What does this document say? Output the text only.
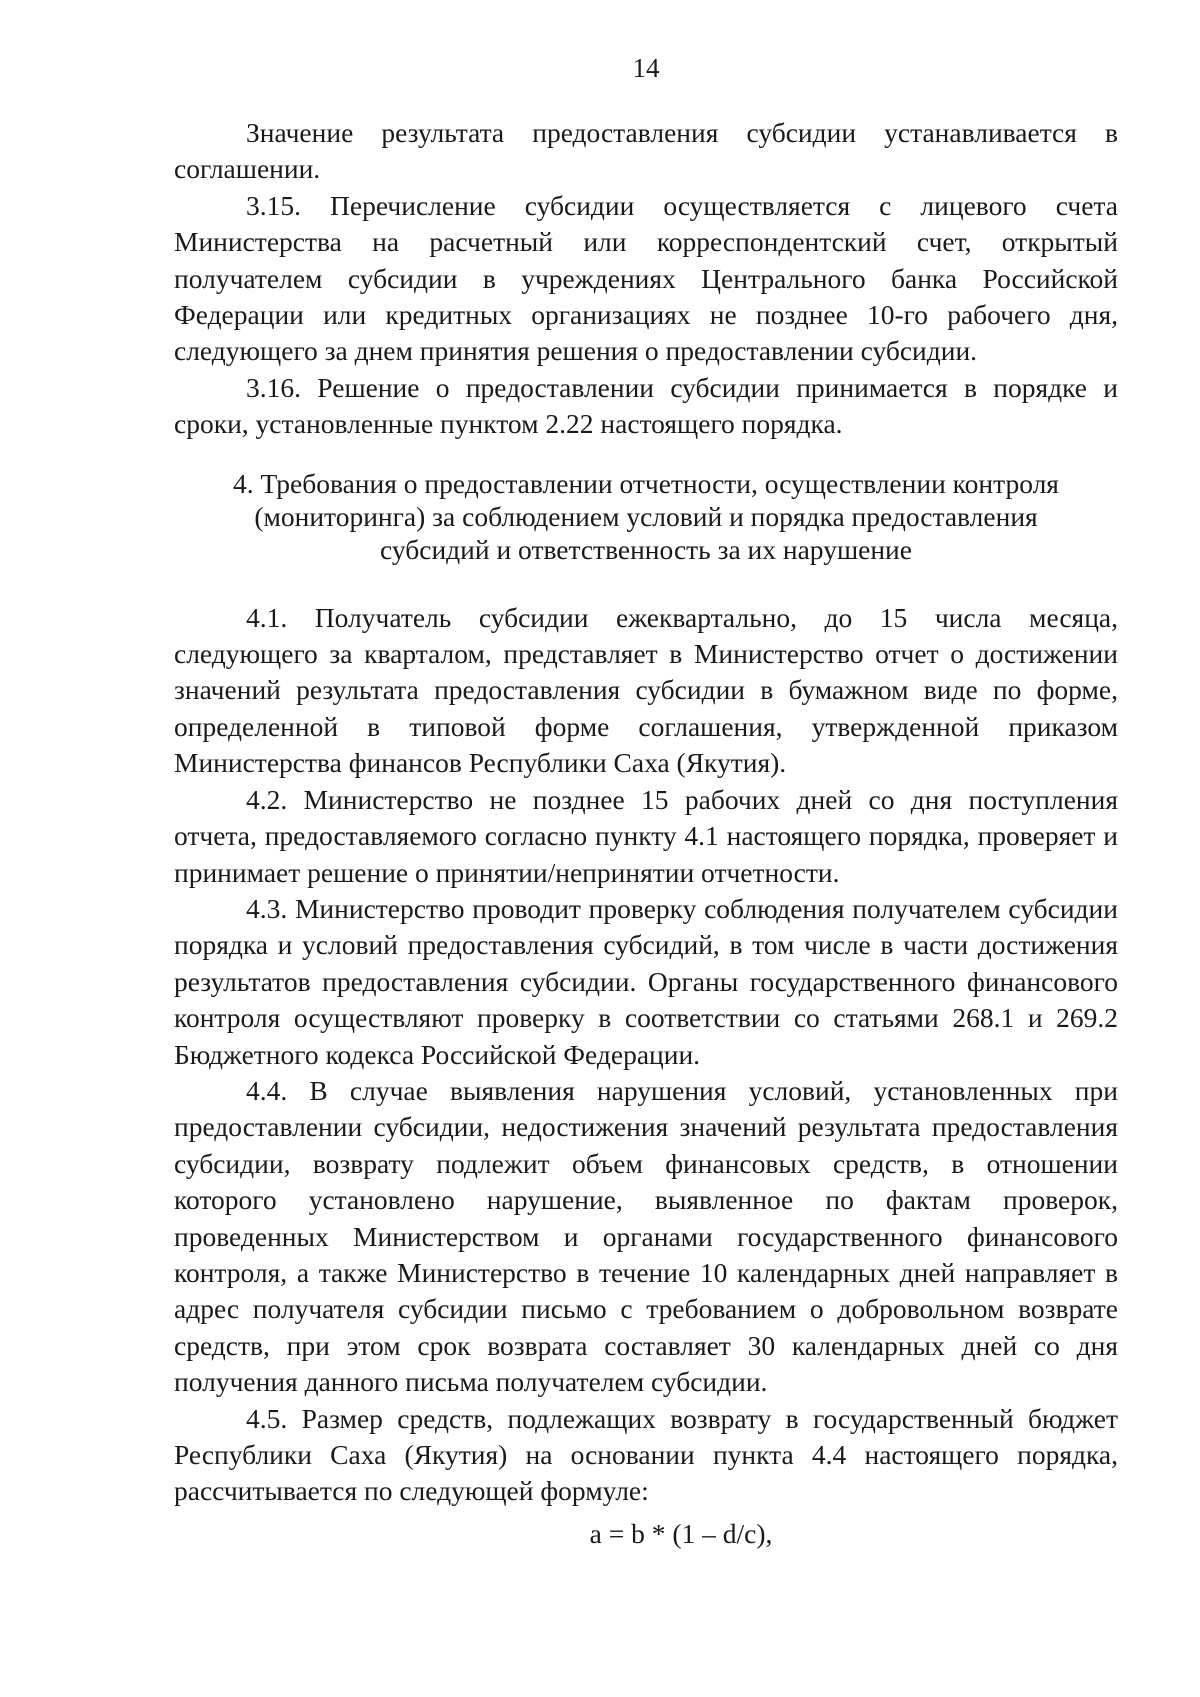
14

Значение результата предоставления субсидии устанавливается в соглашении.

3.15. Перечисление субсидии осуществляется с лицевого счета Министерства на расчетный или корреспондентский счет, открытый получателем субсидии в учреждениях Центрального банка Российской Федерации или кредитных организациях не позднее 10-го рабочего дня, следующего за днем принятия решения о предоставлении субсидии.

3.16. Решение о предоставлении субсидии принимается в порядке и сроки, установленные пунктом 2.22 настоящего порядка.

4. Требования о предоставлении отчетности, осуществлении контроля (мониторинга) за соблюдением условий и порядка предоставления субсидий и ответственность за их нарушение

4.1. Получатель субсидии ежеквартально, до 15 числа месяца, следующего за кварталом, представляет в Министерство отчет о достижении значений результата предоставления субсидии в бумажном виде по форме, определенной в типовой форме соглашения, утвержденной приказом Министерства финансов Республики Саха (Якутия).

4.2. Министерство не позднее 15 рабочих дней со дня поступления отчета, предоставляемого согласно пункту 4.1 настоящего порядка, проверяет и принимает решение о принятии/непринятии отчетности.

4.3. Министерство проводит проверку соблюдения получателем субсидии порядка и условий предоставления субсидий, в том числе в части достижения результатов предоставления субсидии. Органы государственного финансового контроля осуществляют проверку в соответствии со статьями 268.1 и 269.2 Бюджетного кодекса Российской Федерации.

4.4. В случае выявления нарушения условий, установленных при предоставлении субсидии, недостижения значений результата предоставления субсидии, возврату подлежит объем финансовых средств, в отношении которого установлено нарушение, выявленное по фактам проверок, проведенных Министерством и органами государственного финансового контроля, а также Министерство в течение 10 календарных дней направляет в адрес получателя субсидии письмо с требованием о добровольном возврате средств, при этом срок возврата составляет 30 календарных дней со дня получения данного письма получателем субсидии.

4.5. Размер средств, подлежащих возврату в государственный бюджет Республики Саха (Якутия) на основании пункта 4.4 настоящего порядка, рассчитывается по следующей формуле:

a = b * (1 – d/c),
